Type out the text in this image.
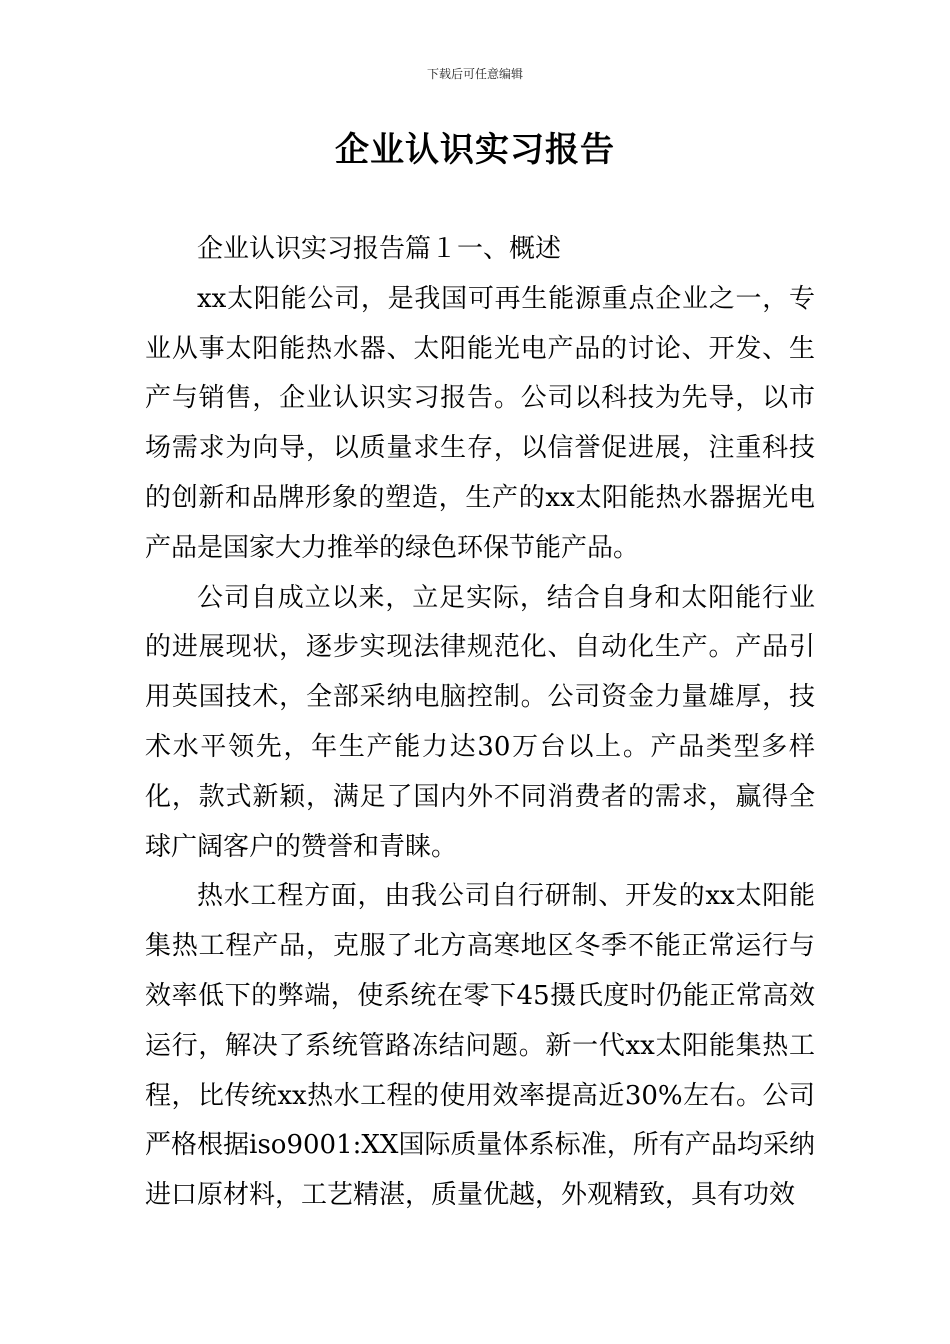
下载后可任意编辑
企业认识实习报告

企业认识实习报告篇１一、概述

xx太阳能公司，是我国可再生能源重点企业之一，专业从事太阳能热水器、太阳能光电产品的讨论、开发、生产与销售，企业认识实习报告。公司以科技为先导，以市场需求为向导，以质量求生存，以信誉促进展，注重科技的创新和品牌形象的塑造，生产的xx太阳能热水器据光电产品是国家大力推举的绿色环保节能产品。

公司自成立以来，立足实际，结合自身和太阳能行业的进展现状，逐步实现法律规范化、自动化生产。产品引用英国技术，全部采纳电脑控制。公司资金力量雄厚，技术水平领先，年生产能力达30万台以上。产品类型多样化，款式新颖，满足了国内外不同消费者的需求，赢得全球广阔客户的赞誉和青睐。

热水工程方面，由我公司自行研制、开发的xx太阳能集热工程产品，克服了北方高寒地区冬季不能正常运行与效率低下的弊端，使系统在零下45摄氏度时仍能正常高效运行，解决了系统管路冻结问题。新一代xx太阳能集热工程，比传统xx热水工程的使用效率提高近30%左右。公司严格根据iso9001:XX国际质量体系标准，所有产品均采纳进口原材料，工艺精湛，质量优越，外观精致，具有功效
